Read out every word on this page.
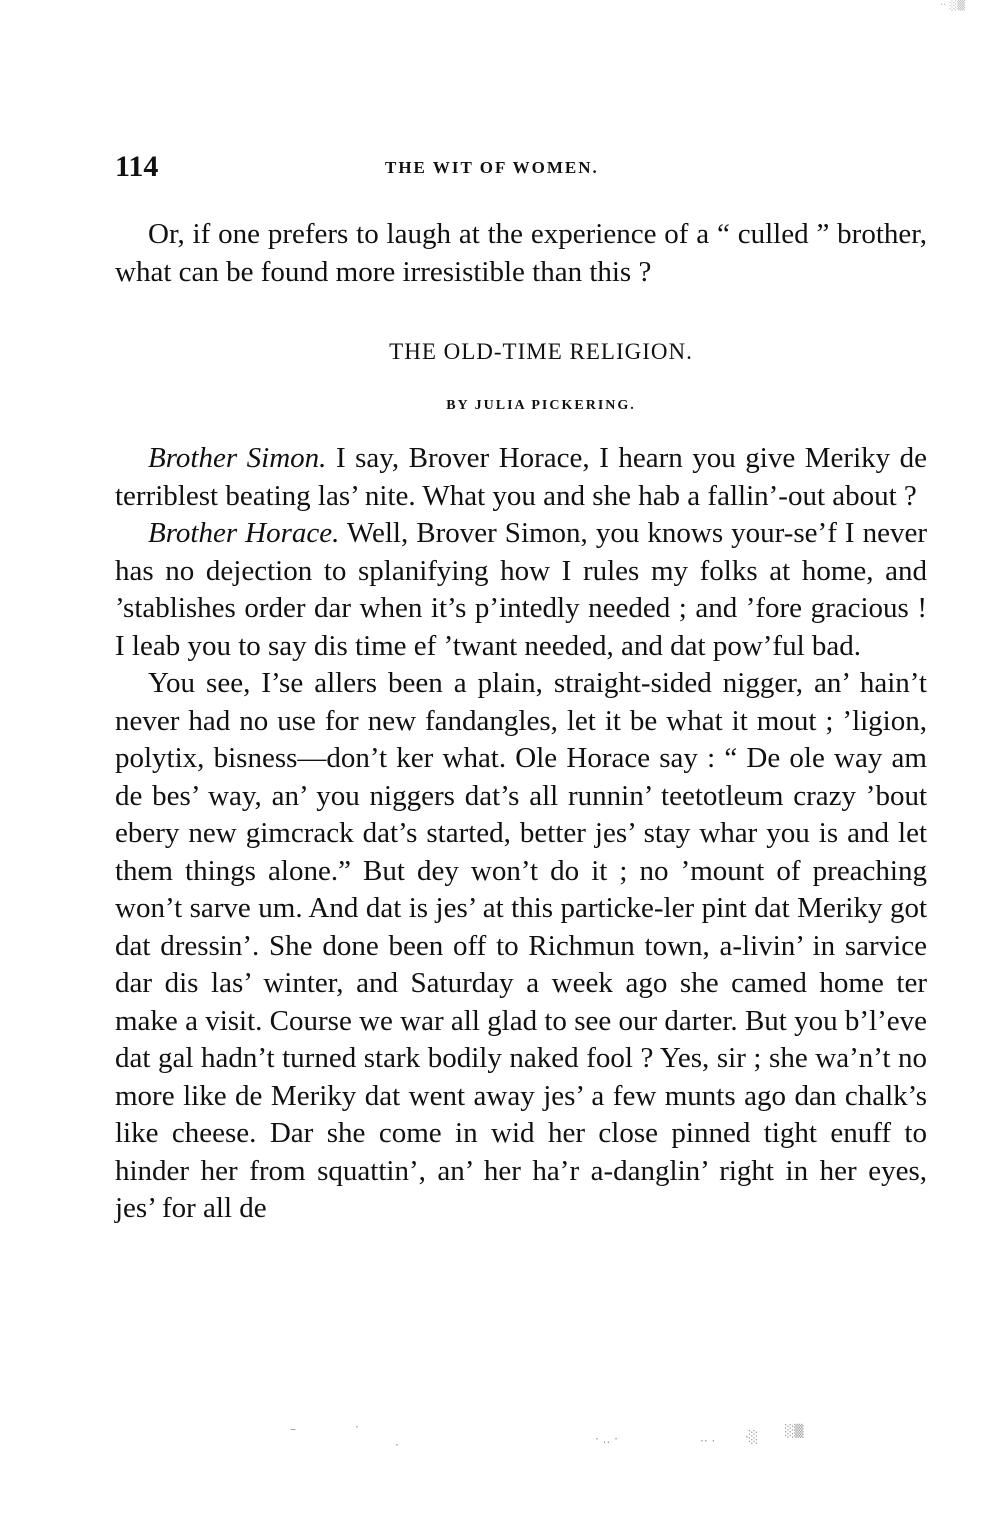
·· ░▒
114	THE WIT OF WOMEN.

Or, if one prefers to laugh at the experience of a “ culled ” brother, what can be found more irresistible than this ?

THE OLD-TIME RELIGION.
BY JULIA PICKERING.

Brother Simon. I say, Brover Horace, I hearn you give Meriky de terriblest beating las’ nite. What you and she hab a fallin’-out about ?

Brother Horace. Well, Brover Simon, you knows your-se’f I never has no dejection to splanifying how I rules my folks at home, and ’stablishes order dar when it’s p’intedly needed ; and ’fore gracious ! I leab you to say dis time ef ’twant needed, and dat pow’ful bad.

You see, I’se allers been a plain, straight-sided nigger, an’ hain’t never had no use for new fandangles, let it be what it mout ; ’ligion, polytix, bisness—don’t ker what. Ole Horace say : “ De ole way am de bes’ way, an’ you niggers dat’s all runnin’ teetotleum crazy ’bout ebery new gimcrack dat’s started, better jes’ stay whar you is and let them things alone.” But dey won’t do it ; no ’mount of preaching won’t sarve um. And dat is jes’ at this particke-ler pint dat Meriky got dat dressin’. She done been off to Richmun town, a-livin’ in sarvice dar dis las’ winter, and Saturday a week ago she camed home ter make a visit. Course we war all glad to see our darter. But you b’l’eve dat gal hadn’t turned stark bodily naked fool ? Yes, sir ; she wa’n’t no more like de Meriky dat went away jes’ a few munts ago dan chalk’s like cheese. Dar she come in wid her close pinned tight enuff to hinder her from squattin’, an’ her ha’r a-danglin’ right in her eyes, jes’ for all de

–	·
·	· .. ·	·· · ·░ ░▒
